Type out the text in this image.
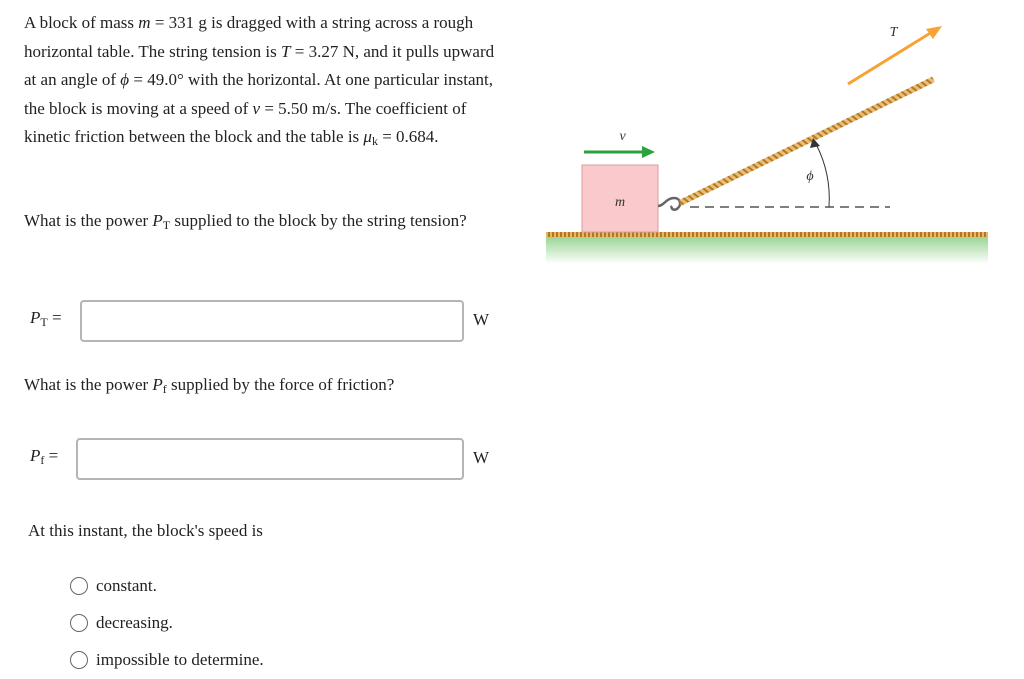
A block of mass m = 331 g is dragged with a string across a rough horizontal table. The string tension is T = 3.27 N, and it pulls upward at an angle of ϕ = 49.0° with the horizontal. At one particular instant, the block is moving at a speed of v = 5.50 m/s. The coefficient of kinetic friction between the block and the table is $\mu_k = 0.684$.

What is the power $P_T$ supplied to the block by the string tension?
$P_T$ =	W
What is the power $P_f$ supplied by the force of friction?
$P_f$ =	W
At this instant, the block's speed is
constant.
decreasing.
impossible to determine.
m
T⃗
v⃗
ϕ
